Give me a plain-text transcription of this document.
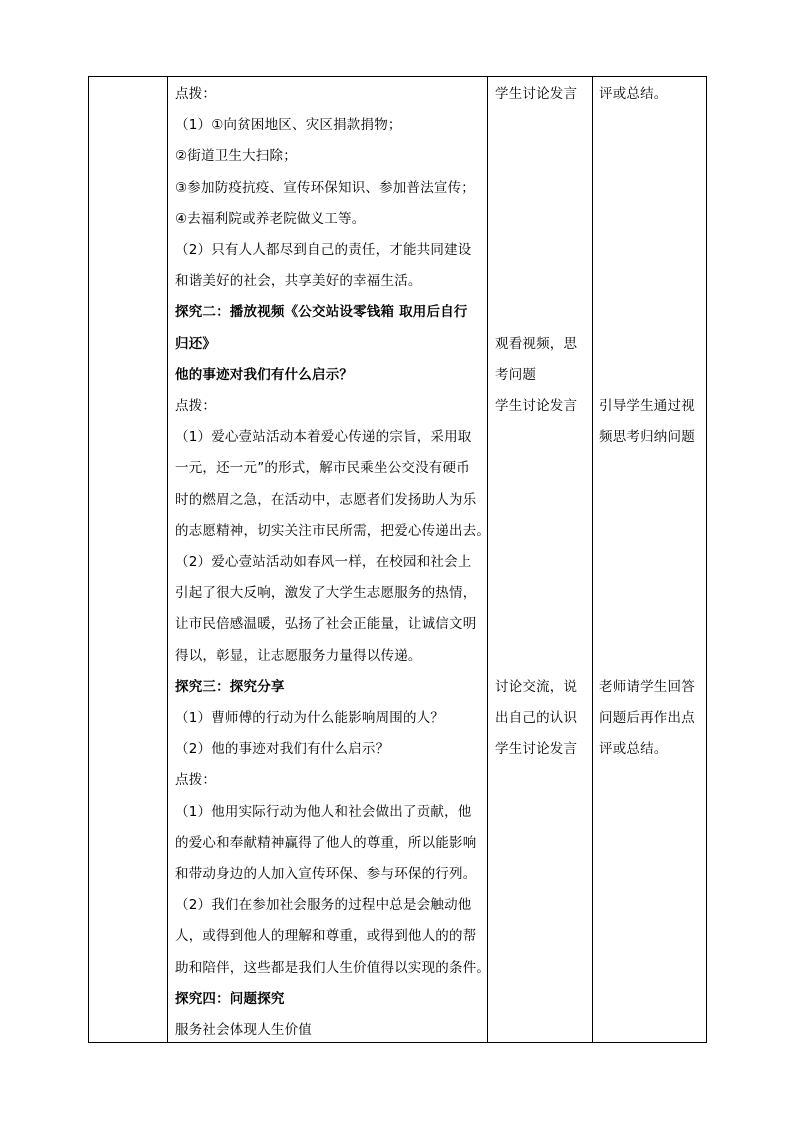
点拨：
（1）①向贫困地区、灾区捐款捐物；
②街道卫生大扫除；
③参加防疫抗疫、宣传环保知识、参加普法宣传；
④去福利院或养老院做义工等。
（2）只有人人都尽到自己的责任，才能共同建设
和谐美好的社会，共享美好的幸福生活。
探究二：播放视频《公交站设零钱箱 取用后自行
归还》
他的事迹对我们有什么启示？
点拨：
（1）爱心壹站活动本着爱心传递的宗旨，采用取
一元，还一元”的形式，解市民乘坐公交没有硬币
时的燃眉之急，在活动中，志愿者们发扬助人为乐
的志愿精神，切实关注市民所需，把爱心传递出去。
（2）爱心壹站活动如春风一样，在校园和社会上
引起了很大反响，激发了大学生志愿服务的热情，
让市民倍感温暖，弘扬了社会正能量，让诚信文明
得以，彰显，让志愿服务力量得以传递。
探究三：探究分享
（1）曹师傅的行动为什么能影响周围的人？
（2）他的事迹对我们有什么启示？
点拨：
（1）他用实际行动为他人和社会做出了贡献，他
的爱心和奉献精神赢得了他人的尊重，所以能影响
和带动身边的人加入宣传环保、参与环保的行列。
（2）我们在参加社会服务的过程中总是会触动他
人，或得到他人的理解和尊重，或得到他人的的帮
助和陪伴，这些都是我们人生价值得以实现的条件。
探究四：问题探究
服务社会体现人生价值
学生讨论发言
观看视频，思
考问题
学生讨论发言
讨论交流，说
出自己的认识
学生讨论发言
评或总结。
引导学生通过视
频思考归纳问题
老师请学生回答
问题后再作出点
评或总结。
